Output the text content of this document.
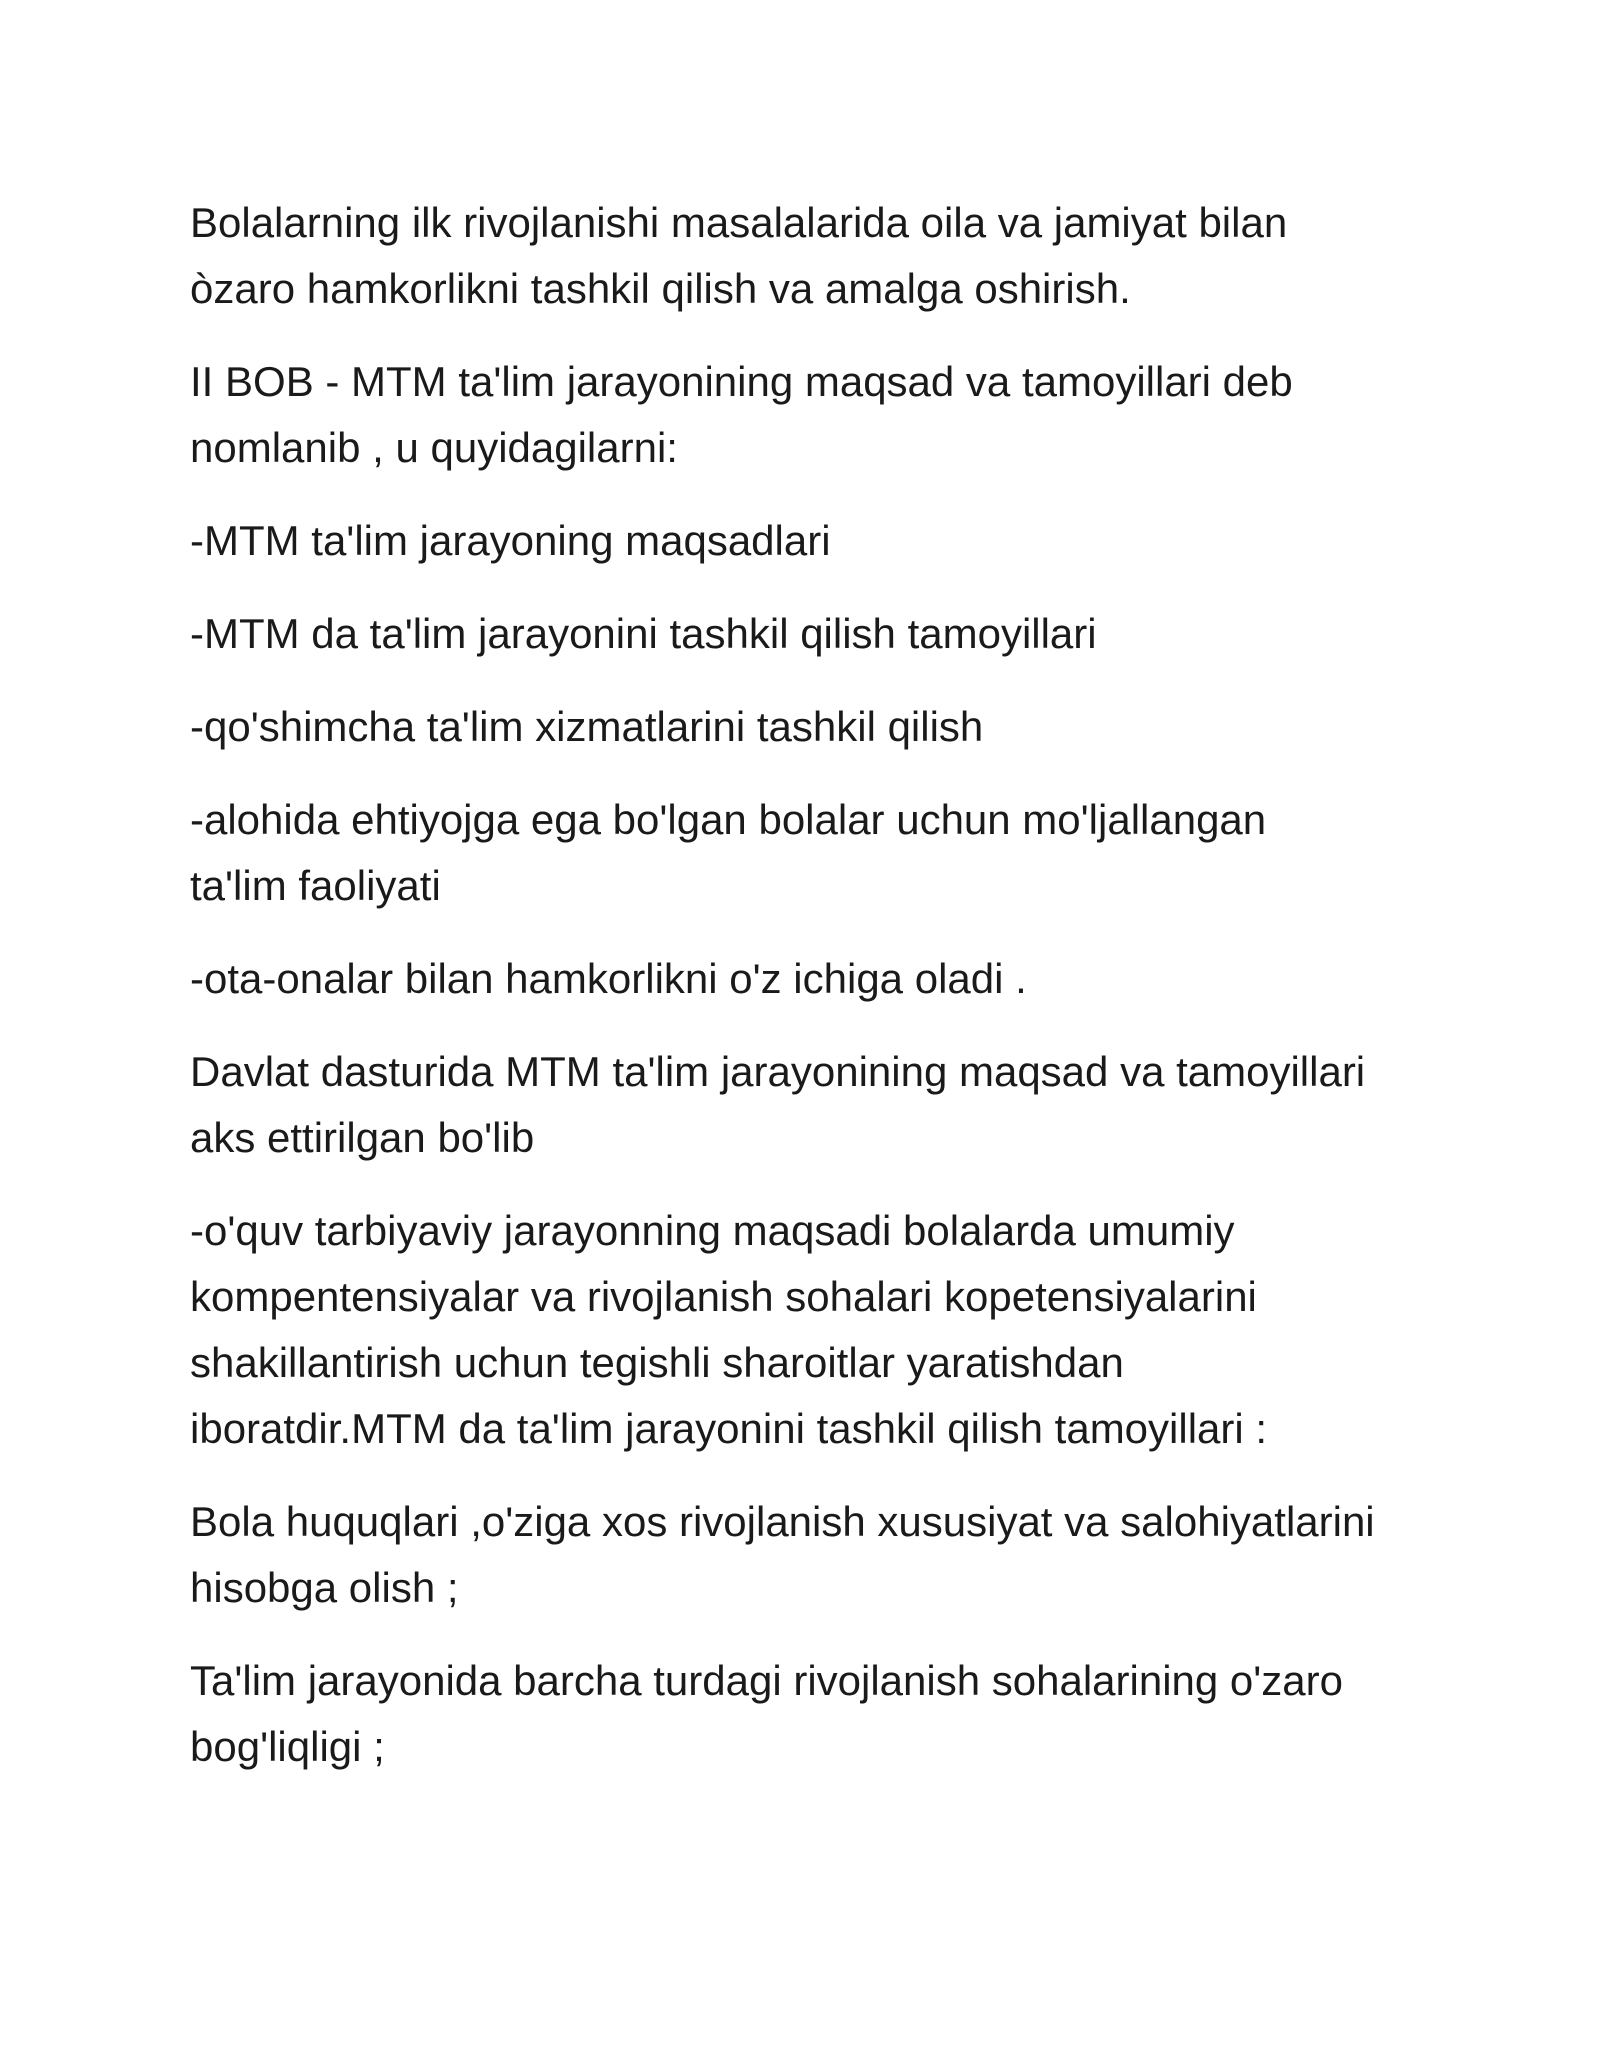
Bolalarning ilk rivojlanishi masalalarida oila va jamiyat bilan
òzaro hamkorlikni tashkil qilish va amalga oshirish.

II BOB - MTM ta'lim jarayonining maqsad va tamoyillari deb
nomlanib , u quyidagilarni:

-MTM ta'lim jarayoning maqsadlari

-MTM da ta'lim jarayonini tashkil qilish tamoyillari

-qo'shimcha ta'lim xizmatlarini tashkil qilish

-alohida ehtiyojga ega bo'lgan bolalar uchun mo'ljallangan
ta'lim faoliyati

-ota-onalar bilan hamkorlikni o'z ichiga oladi .

Davlat dasturida MTM ta'lim jarayonining maqsad va tamoyillari
aks ettirilgan bo'lib

-o'quv tarbiyaviy jarayonning maqsadi bolalarda umumiy
kompentensiyalar va rivojlanish sohalari kopetensiyalarini
shakillantirish uchun tegishli sharoitlar yaratishdan
iboratdir.MTM da ta'lim jarayonini tashkil qilish tamoyillari :

Bola huquqlari ,o'ziga xos rivojlanish xususiyat va salohiyatlarini
hisobga olish ;

Ta'lim jarayonida barcha turdagi rivojlanish sohalarining o'zaro
bog'liqligi ;
